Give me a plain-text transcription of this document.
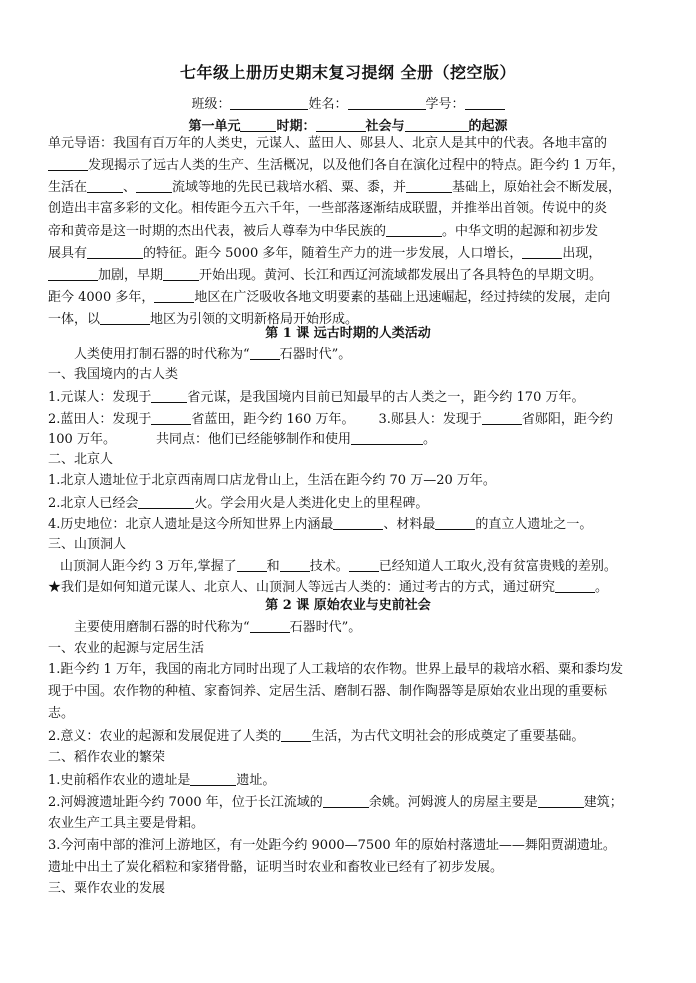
七年级上册历史期末复习提纲 全册（挖空版）
班级：	姓名：	学号：
第一单元	时期：	社会与	的起源
单元导语：我国有百万年的人类史，元谋人、蓝田人、郧县人、北京人是其中的代表。各地丰富的
发现揭示了远古人类的生产、生活概况，以及他们各自在演化过程中的特点。距今约 1 万年，
生活在	、	流域等地的先民已栽培水稻、粟、黍，并	基础上，原始社会不断发展，
创造出丰富多彩的文化。相传距今五六千年，一些部落逐渐结成联盟，并推举出首领。传说中的炎
帝和黄帝是这一时期的杰出代表，被后人尊奉为中华民族的	。中华文明的起源和初步发
展具有	的特征。距今 5000 多年，随着生产力的进一步发展，人口增长，	出现，
加剧，早期	开始出现。黄河、长江和西辽河流域都发展出了各具特色的早期文明。
距今 4000 多年，	地区在广泛吸收各地文明要素的基础上迅速崛起，经过持续的发展，走向
一体，以	地区为引领的文明新格局开始形成。
第 1 课 远古时期的人类活动
人类使用打制石器的时代称为“ 石器时代”。
一、我国境内的古人类
1.元谋人：发现于	省元谋，是我国境内目前已知最早的古人类之一，距今约 170 万年。
2.蓝田人：发现于	省蓝田，距今约 160 万年。 3.郧县人：发现于	省郧阳，距今约
100 万年。	共同点：他们已经能够制作和使用	。
二、北京人
1.北京人遗址位于北京西南周口店龙骨山上，生活在距今约 70 万—20 万年。
2.北京人已经会	火。学会用火是人类进化史上的里程碑。
4.历史地位：北京人遗址是这今所知世界上内涵最	、材料最	的直立人遗址之一。
三、山顶洞人
山顶洞人距今约 3 万年,掌握了 和 技术。 已经知道人工取火,没有贫富贵贱的差别。
★我们是如何知道元谋人、北京人、山顶洞人等远古人类的：通过考古的方式，通过研究	。
第 2 课 原始农业与史前社会
主要使用磨制石器的时代称为“	石器时代”。
一、农业的起源与定居生活
1.距今约 1 万年，我国的南北方同时出现了人工栽培的农作物。世界上最早的栽培水稻、粟和黍均发
现于中国。农作物的种植、家畜饲养、定居生活、磨制石器、制作陶器等是原始农业出现的重要标
志。
2.意义：农业的起源和发展促进了人类的 生活，为古代文明社会的形成奠定了重要基础。
二、稻作农业的繁荣
1.史前稻作农业的遗址是	遗址。
2.河姆渡遗址距今约 7000 年，位于长江流域的	余姚。河姆渡人的房屋主要是	建筑；
农业生产工具主要是骨耜。
3.今河南中部的淮河上游地区，有一处距今约 9000—7500 年的原始村落遗址——舞阳贾湖遗址。
遗址中出土了炭化稻粒和家猪骨骼，证明当时农业和畜牧业已经有了初步发展。
三、粟作农业的发展
